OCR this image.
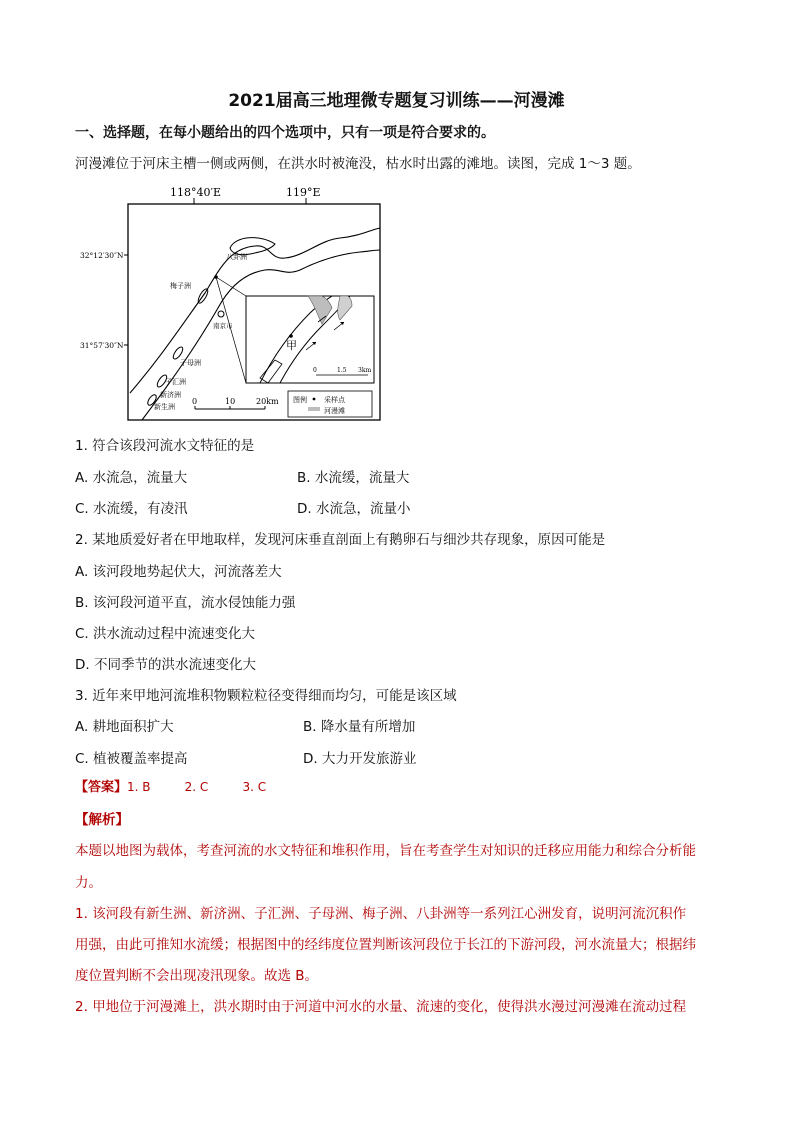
2021届高三地理微专题复习训练——河漫滩
一、选择题，在每小题给出的四个选项中，只有一项是符合要求的。
河漫滩位于河床主槽一侧或两侧，在洪水时被淹没，枯水时出露的滩地。读图，完成 1～3 题。
118°40′E	119°E
32°12′30″N
31°57′30″N
八卦洲
梅子洲
南京市
子母洲
子汇洲
新济洲
新生洲
甲
0	1.5 3km
0	10	20km 图例 采样点
河漫滩
1. 符合该段河流水文特征的是
A. 水流急，流量大	B. 水流缓，流量大
C. 水流缓，有凌汛	D. 水流急，流量小
2. 某地质爱好者在甲地取样，发现河床垂直剖面上有鹅卵石与细沙共存现象，原因可能是
A. 该河段地势起伏大，河流落差大
B. 该河段河道平直，流水侵蚀能力强
C. 洪水流动过程中流速变化大
D. 不同季节的洪水流速变化大
3. 近年来甲地河流堆积物颗粒粒径变得细而均匀，可能是该区域
A. 耕地面积扩大	B. 降水量有所增加
C. 植被覆盖率提高	D. 大力开发旅游业
【答案】1. B	2. C	3. C
【解析】
本题以地图为载体，考查河流的水文特征和堆积作用，旨在考查学生对知识的迁移应用能力和综合分析能
力。
1. 该河段有新生洲、新济洲、子汇洲、子母洲、梅子洲、八卦洲等一系列江心洲发育，说明河流沉积作
用强，由此可推知水流缓；根据图中的经纬度位置判断该河段位于长江的下游河段，河水流量大；根据纬
度位置判断不会出现凌汛现象。故选 B。
2. 甲地位于河漫滩上，洪水期时由于河道中河水的水量、流速的变化，使得洪水漫过河漫滩在流动过程
